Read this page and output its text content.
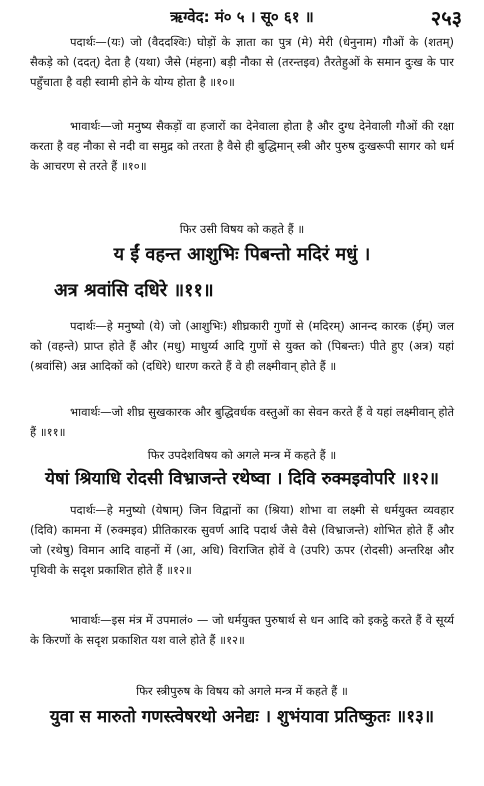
ऋग्वेद: मं० ५ । सू० ६१ ॥	२५३
पदार्थः—(यः) जो (वैददश्विः) घोड़ों के ज्ञाता का पुत्र (मे) मेरी (धेनुनाम) गौओं के (शतम्) सैकड़े को (ददत्) देता है (यथा) जैसे (मंहना) बड़ी नौका से (तरन्तइव) तैरतेहुओं के समान दुःख के पार पहुँचाता है वही स्वामी होने के योग्य होता है ॥१०॥
भावार्थः—जो मनुष्य सैकड़ों वा हजारों का देनेवाला होता है और दुग्ध देनेवाली गौओं की रक्षा करता है वह नौका से नदी वा समुद्र को तरता है वैसे ही बुद्धिमान् स्त्री और पुरुष दुःखरूपी सागर को धर्म के आचरण से तरते हैं ॥१०॥
फिर उसी विषय को कहते हैं ॥
य ईं वहन्त आशुभिः पिबन्तो मदिरं मधुं ।
अत्र श्रवांसि दधिरे ॥११॥
पदार्थः—हे मनुष्यो (ये) जो (आशुभिः) शीघ्रकारी गुणों से (मदिरम्) आनन्द कारक (ईम्) जल को (वहन्ते) प्राप्त होते हैं और (मधु) माधुर्य्य आदि गुणों से युक्त को (पिबन्तः) पीते हुए (अत्र) यहां (श्रवांसि) अन्न आदिकों को (दधिरे) धारण करते हैं वे ही लक्ष्मीवान् होते हैं ॥
भावार्थः—जो शीघ्र सुखकारक और बुद्धिवर्धक वस्तुओं का सेवन करते हैं वे यहां लक्ष्मीवान् होते हैं ॥११॥
फिर उपदेशविषय को अगले मन्त्र में कहते हैं ॥
येषां श्रियाधि रोदसी विभ्राजन्ते रथेष्वा । दिवि रुक्मइवोपरि ॥१२॥
पदार्थः—हे मनुष्यो (येषाम्) जिन विद्वानों का (श्रिया) शोभा वा लक्ष्मी से धर्मयुक्त व्यवहार (दिवि) कामना में (रुक्मइव) प्रीतिकारक सुवर्ण आदि पदार्थ जैसे वैसे (विभ्राजन्ते) शोभित होते हैं और जो (रथेषु) विमान आदि वाहनों में (आ, अधि) विराजित होवें वे (उपरि) ऊपर (रोदसी) अन्तरिक्ष और पृथिवी के सदृश प्रकाशित होते हैं ॥१२॥
भावार्थः—इस मंत्र में उपमालं० — जो धर्मयुक्त पुरुषार्थ से धन आदि को इकट्ठे करते हैं वे सूर्य्य के किरणों के सदृश प्रकाशित यश वाले होते हैं ॥१२॥
फिर स्त्रीपुरुष के विषय को अगले मन्त्र में कहते हैं ॥
युवा स मारुतो गणस्त्वेषरथो अनेद्यः । शुभंयावा प्रतिष्कुतः ॥१३॥
